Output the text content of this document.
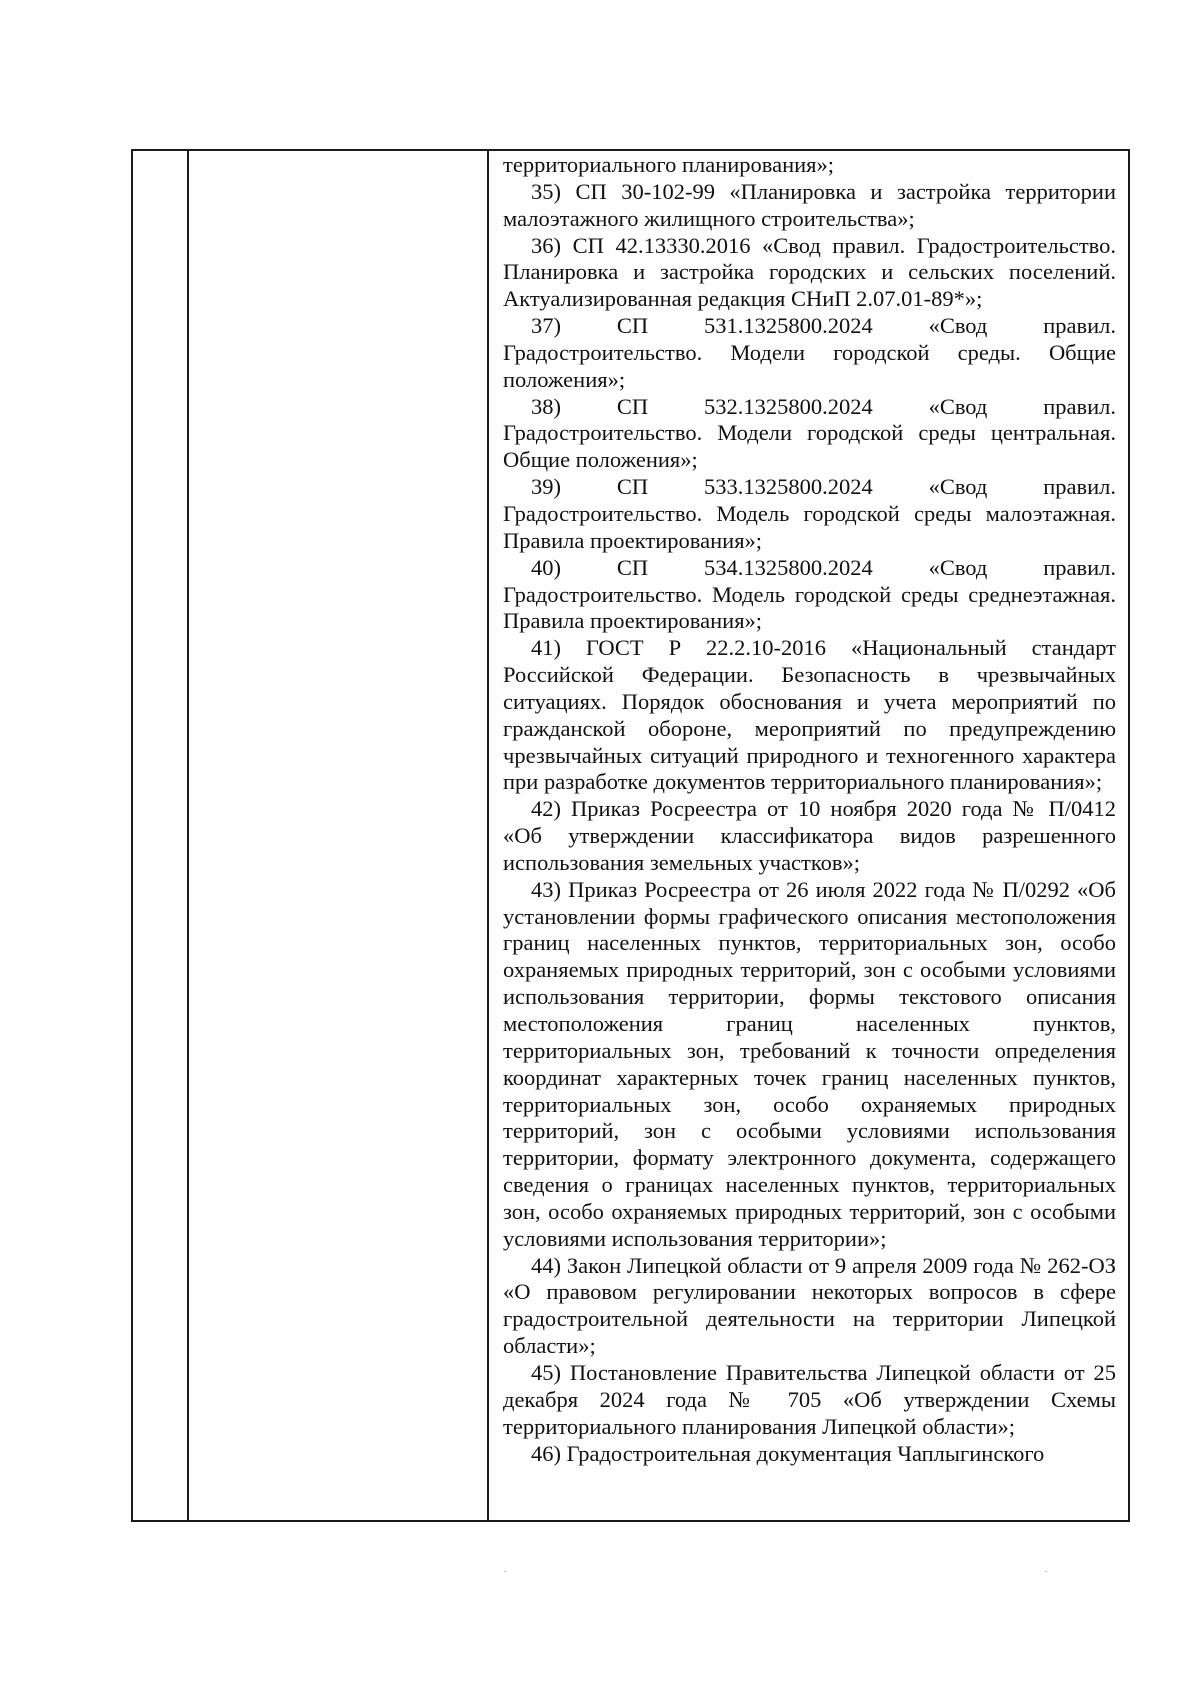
территориального планирования»;

35) СП 30-102-99 «Планировка и застройка территории малоэтажного жилищного строительства»;

36) СП 42.13330.2016 «Свод правил. Градостроительство. Планировка и застройка городских и сельских поселений. Актуализированная редакция СНиП 2.07.01-89*»;

37) СП 531.1325800.2024 «Свод правил. Градостроительство. Модели городской среды. Общие положения»;

38) СП 532.1325800.2024 «Свод правил. Градостроительство. Модели городской среды центральная. Общие положения»;

39) СП 533.1325800.2024 «Свод правил. Градостроительство. Модель городской среды малоэтажная. Правила проектирования»;

40) СП 534.1325800.2024 «Свод правил. Градостроительство. Модель городской среды среднеэтажная. Правила проектирования»;

41) ГОСТ Р 22.2.10-2016 «Национальный стандарт Российской Федерации. Безопасность в чрезвычайных ситуациях. Порядок обоснования и учета мероприятий по гражданской обороне, мероприятий по предупреждению чрезвычайных ситуаций природного и техногенного характера при разработке документов территориального планирования»;

42) Приказ Росреестра от 10 ноября 2020 года № П/0412 «Об утверждении классификатора видов разрешенного использования земельных участков»;

43) Приказ Росреестра от 26 июля 2022 года № П/0292 «Об установлении формы графического описания местоположения границ населенных пунктов, территориальных зон, особо охраняемых природных территорий, зон с особыми условиями использования территории, формы текстового описания местоположения границ населенных пунктов, территориальных зон, требований к точности определения координат характерных точек границ населенных пунктов, территориальных зон, особо охраняемых природных территорий, зон с особыми условиями использования территории, формату электронного документа, содержащего сведения о границах населенных пунктов, территориальных зон, особо охраняемых природных территорий, зон с особыми условиями использования территории»;

44) Закон Липецкой области от 9 апреля 2009 года № 262-ОЗ «О правовом регулировании некоторых вопросов в сфере градостроительной деятельности на территории Липецкой области»;

45) Постановление Правительства Липецкой области от 25 декабря 2024 года № 705 «Об утверждении Схемы территориального планирования Липецкой области»;

46) Градостроительная документация Чаплыгинского
